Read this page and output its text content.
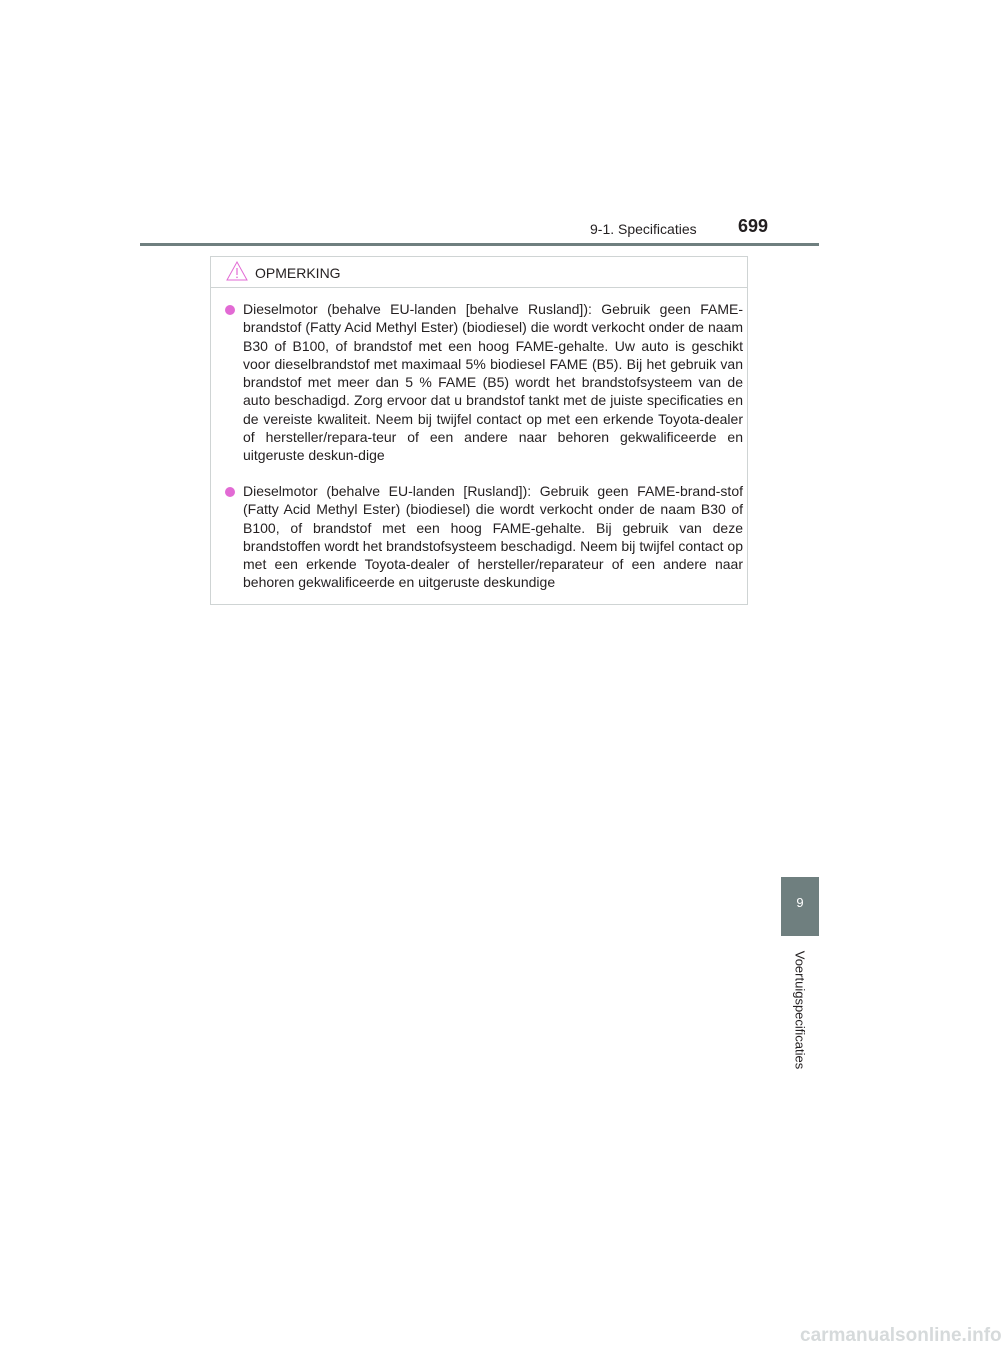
9-1. Specificaties 699
OPMERKING
Dieselmotor (behalve EU-landen [behalve Rusland]): Gebruik geen FAME-brandstof (Fatty Acid Methyl Ester) (biodiesel) die wordt verkocht onder de naam B30 of B100, of brandstof met een hoog FAME-gehalte. Uw auto is geschikt voor dieselbrandstof met maximaal 5% biodiesel FAME (B5). Bij het gebruik van brandstof met meer dan 5 % FAME (B5) wordt het brandstofsysteem van de auto beschadigd. Zorg ervoor dat u brandstof tankt met de juiste specificaties en de vereiste kwaliteit. Neem bij twijfel contact op met een erkende Toyota-dealer of hersteller/repara-teur of een andere naar behoren gekwalificeerde en uitgeruste deskun-dige
Dieselmotor (behalve EU-landen [Rusland]): Gebruik geen FAME-brand-stof (Fatty Acid Methyl Ester) (biodiesel) die wordt verkocht onder de naam B30 of B100, of brandstof met een hoog FAME-gehalte. Bij gebruik van deze brandstoffen wordt het brandstofsysteem beschadigd. Neem bij twijfel contact op met een erkende Toyota-dealer of hersteller/reparateur of een andere naar behoren gekwalificeerde en uitgeruste deskundige
9
Voertuigspecificaties
carmanualsonline.info
